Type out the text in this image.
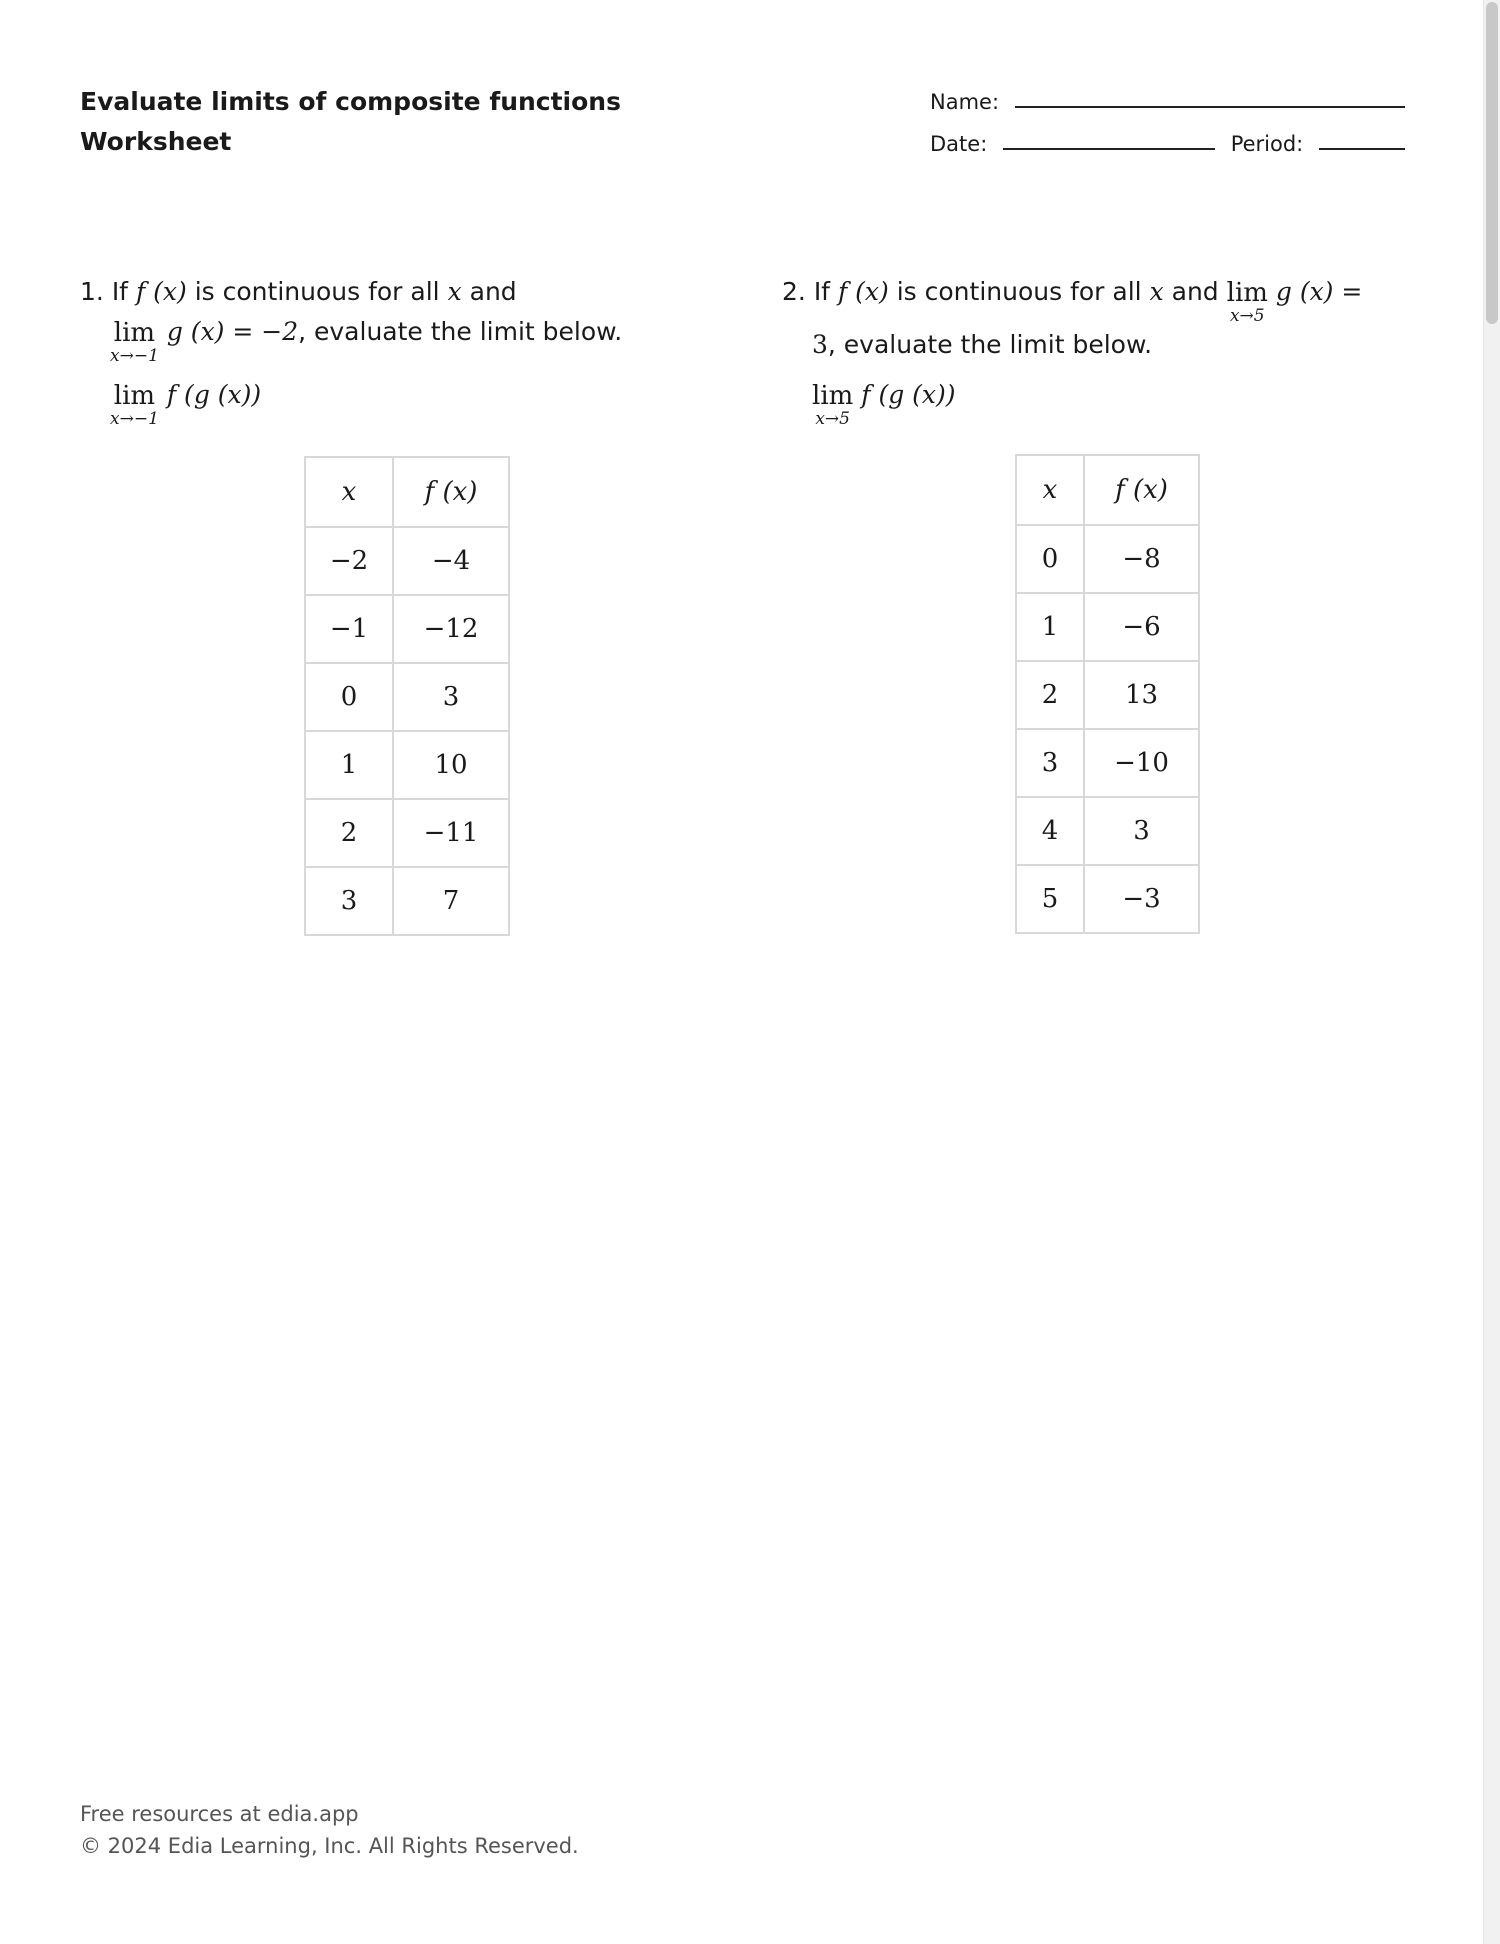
Evaluate limits of composite functions
Worksheet
Name:
Date:	Period:
1. If f (x) is continuous for all x and
lim
x→−1
g (x) = −2, evaluate the limit below.
lim
x→−1
f (g (x))
x	f (x)
−2	−4
−1	−12
0	3
1	10
2	−11
3	7
2. If f (x) is continuous for all x and lim
x→5
g (x) =
3, evaluate the limit below.
lim
x→5
f (g (x))
x	f (x)
0	−8
1	−6
2	13
3	−10
4	3
5	−3
Free resources at edia.app
© 2024 Edia Learning, Inc. All Rights Reserved.
